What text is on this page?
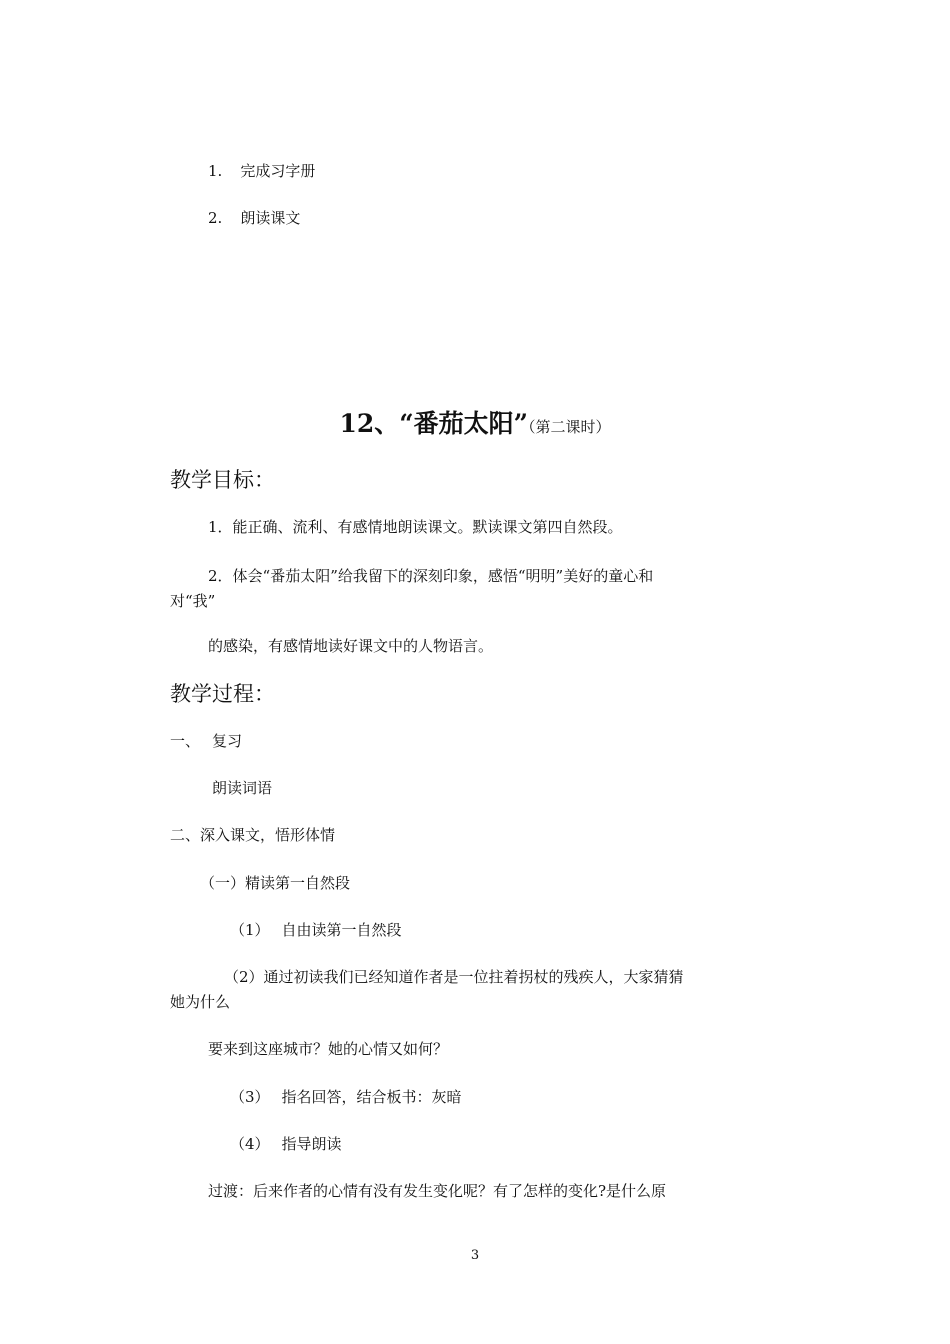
1. 完成习字册
2. 朗读课文
12、“番茄太阳”（第二课时）
教学目标：
1．能正确、流利、有感情地朗读课文。默读课文第四自然段。
2．体会“番茄太阳”给我留下的深刻印象，感悟“明明”美好的童心和
对“我”
的感染，有感情地读好课文中的人物语言。
教学过程：
一、 复习
朗读词语
二、深入课文，悟形体情
（一）精读第一自然段
（1） 自由读第一自然段
（2）通过初读我们已经知道作者是一位拄着拐杖的残疾人，大家猜猜
她为什么
要来到这座城市？她的心情又如何？
（3） 指名回答，结合板书：灰暗
（4） 指导朗读
过渡：后来作者的心情有没有发生变化呢？有了怎样的变化?是什么原
3
